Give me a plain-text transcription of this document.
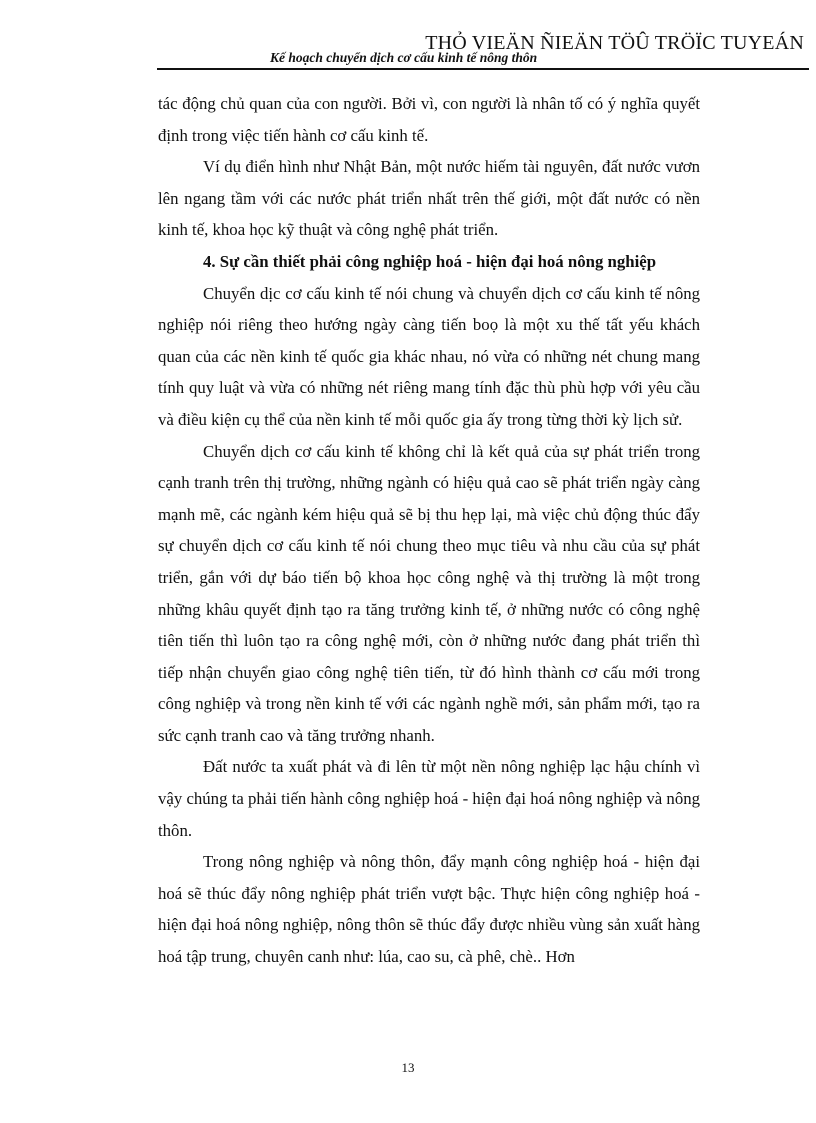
THỎ VIEÄN ÑIEÄN TÖÛ TRÖÏC TUYEÁN
Kế hoạch chuyển dịch cơ cấu kinh tế nông thôn

tác động chủ quan của con người. Bởi vì, con người là nhân tố có ý nghĩa quyết định trong việc tiến hành cơ cấu kinh tế.

Ví dụ điển hình như Nhật Bản, một nước hiếm tài nguyên, đất nước vươn lên ngang tầm với các nước phát triển nhất trên thế giới, một đất nước có nền kinh tế, khoa học kỹ thuật và công nghệ phát triển.

4. Sự cần thiết phải công nghiệp hoá - hiện đại hoá nông nghiệp

Chuyển dịc cơ cấu kinh tế nói chung và chuyển dịch cơ cấu kinh tế nông nghiệp nói riêng theo hướng ngày càng tiến boọ là một xu thế tất yếu khách quan của các nền kinh tế quốc gia khác nhau, nó vừa có những nét chung mang tính quy luật và vừa có những nét riêng mang tính đặc thù phù hợp với yêu cầu và điều kiện cụ thể của nền kinh tế mỗi quốc gia ấy trong từng thời kỳ lịch sử.

Chuyển dịch cơ cấu kinh tế không chỉ là kết quả của sự phát triển trong cạnh tranh trên thị trường, những ngành có hiệu quả cao sẽ phát triển ngày càng mạnh mẽ, các ngành kém hiệu quả sẽ bị thu hẹp lại, mà việc chủ động thúc đẩy sự chuyển dịch cơ cấu kinh tế nói chung theo mục tiêu và nhu cầu của sự phát triển, gắn với dự báo tiến bộ khoa học công nghệ và thị trường là một trong những khâu quyết định tạo ra tăng trưởng kinh tế, ở những nước có công nghệ tiên tiến thì luôn tạo ra công nghệ mới, còn ở những nước đang phát triển thì tiếp nhận chuyển giao công nghệ tiên tiến, từ đó hình thành cơ cấu mới trong công nghiệp và trong nền kinh tế với các ngành nghề mới, sản phẩm mới, tạo ra sức cạnh tranh cao và tăng trưởng nhanh.

Đất nước ta xuất phát và đi lên từ một nền nông nghiệp lạc hậu chính vì vậy chúng ta phải tiến hành công nghiệp hoá - hiện đại hoá nông nghiệp và nông thôn.

Trong nông nghiệp và nông thôn, đẩy mạnh công nghiệp hoá - hiện đại hoá sẽ thúc đẩy nông nghiệp phát triển vượt bậc. Thực hiện công nghiệp hoá - hiện đại hoá nông nghiệp, nông thôn sẽ thúc đẩy được nhiều vùng sản xuất hàng hoá tập trung, chuyên canh như: lúa, cao su, cà phê, chè.. Hơn

13
